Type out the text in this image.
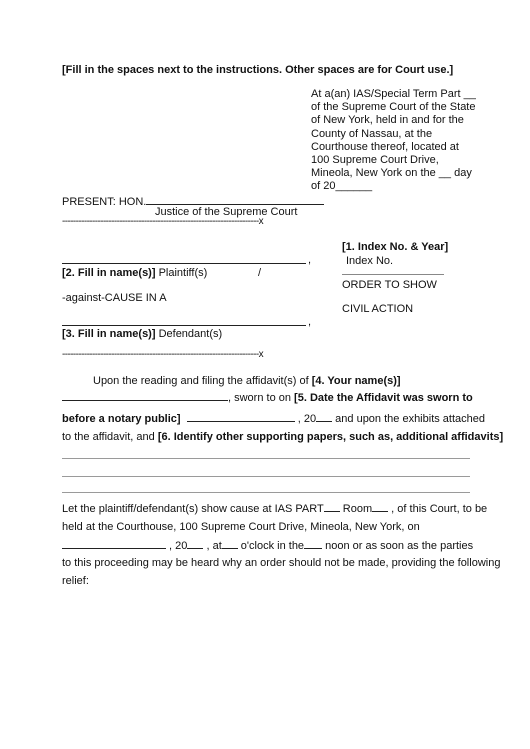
[Fill in the spaces next to the instructions. Other spaces are for Court use.]
At a(an) IAS/Special Term Part __
of the Supreme Court of the State
of New York, held in and for the
County of Nassau, at the
Courthouse thereof, located at
100 Supreme Court Drive,
Mineola, New York on the __ day
of 20______
PRESENT: HON.
Justice of the Supreme Court
------------------------------------------------------------------------x
[1. Index No. & Year]
Index No.
,
[2. Fill in name(s)] Plaintiff(s)	/
ORDER TO SHOW
-against-CAUSE IN A
CIVIL ACTION
,
[3. Fill in name(s)] Defendant(s)
------------------------------------------------------------------------x
Upon the reading and filing the affidavit(s) of [4. Your name(s)]
, sworn to on [5. Date the Affidavit was sworn to
before a notary public]	, 20 and upon the exhibits attached
to the affidavit, and [6. Identify other supporting papers, such as, additional affidavits]
Let the plaintiff/defendant(s) show cause at IAS PART Room , of this Court, to be
held at the Courthouse, 100 Supreme Court Drive, Mineola, New York, on
, 20 , at o'clock in the noon or as soon as the parties
to this proceeding may be heard why an order should not be made, providing the following
relief:
